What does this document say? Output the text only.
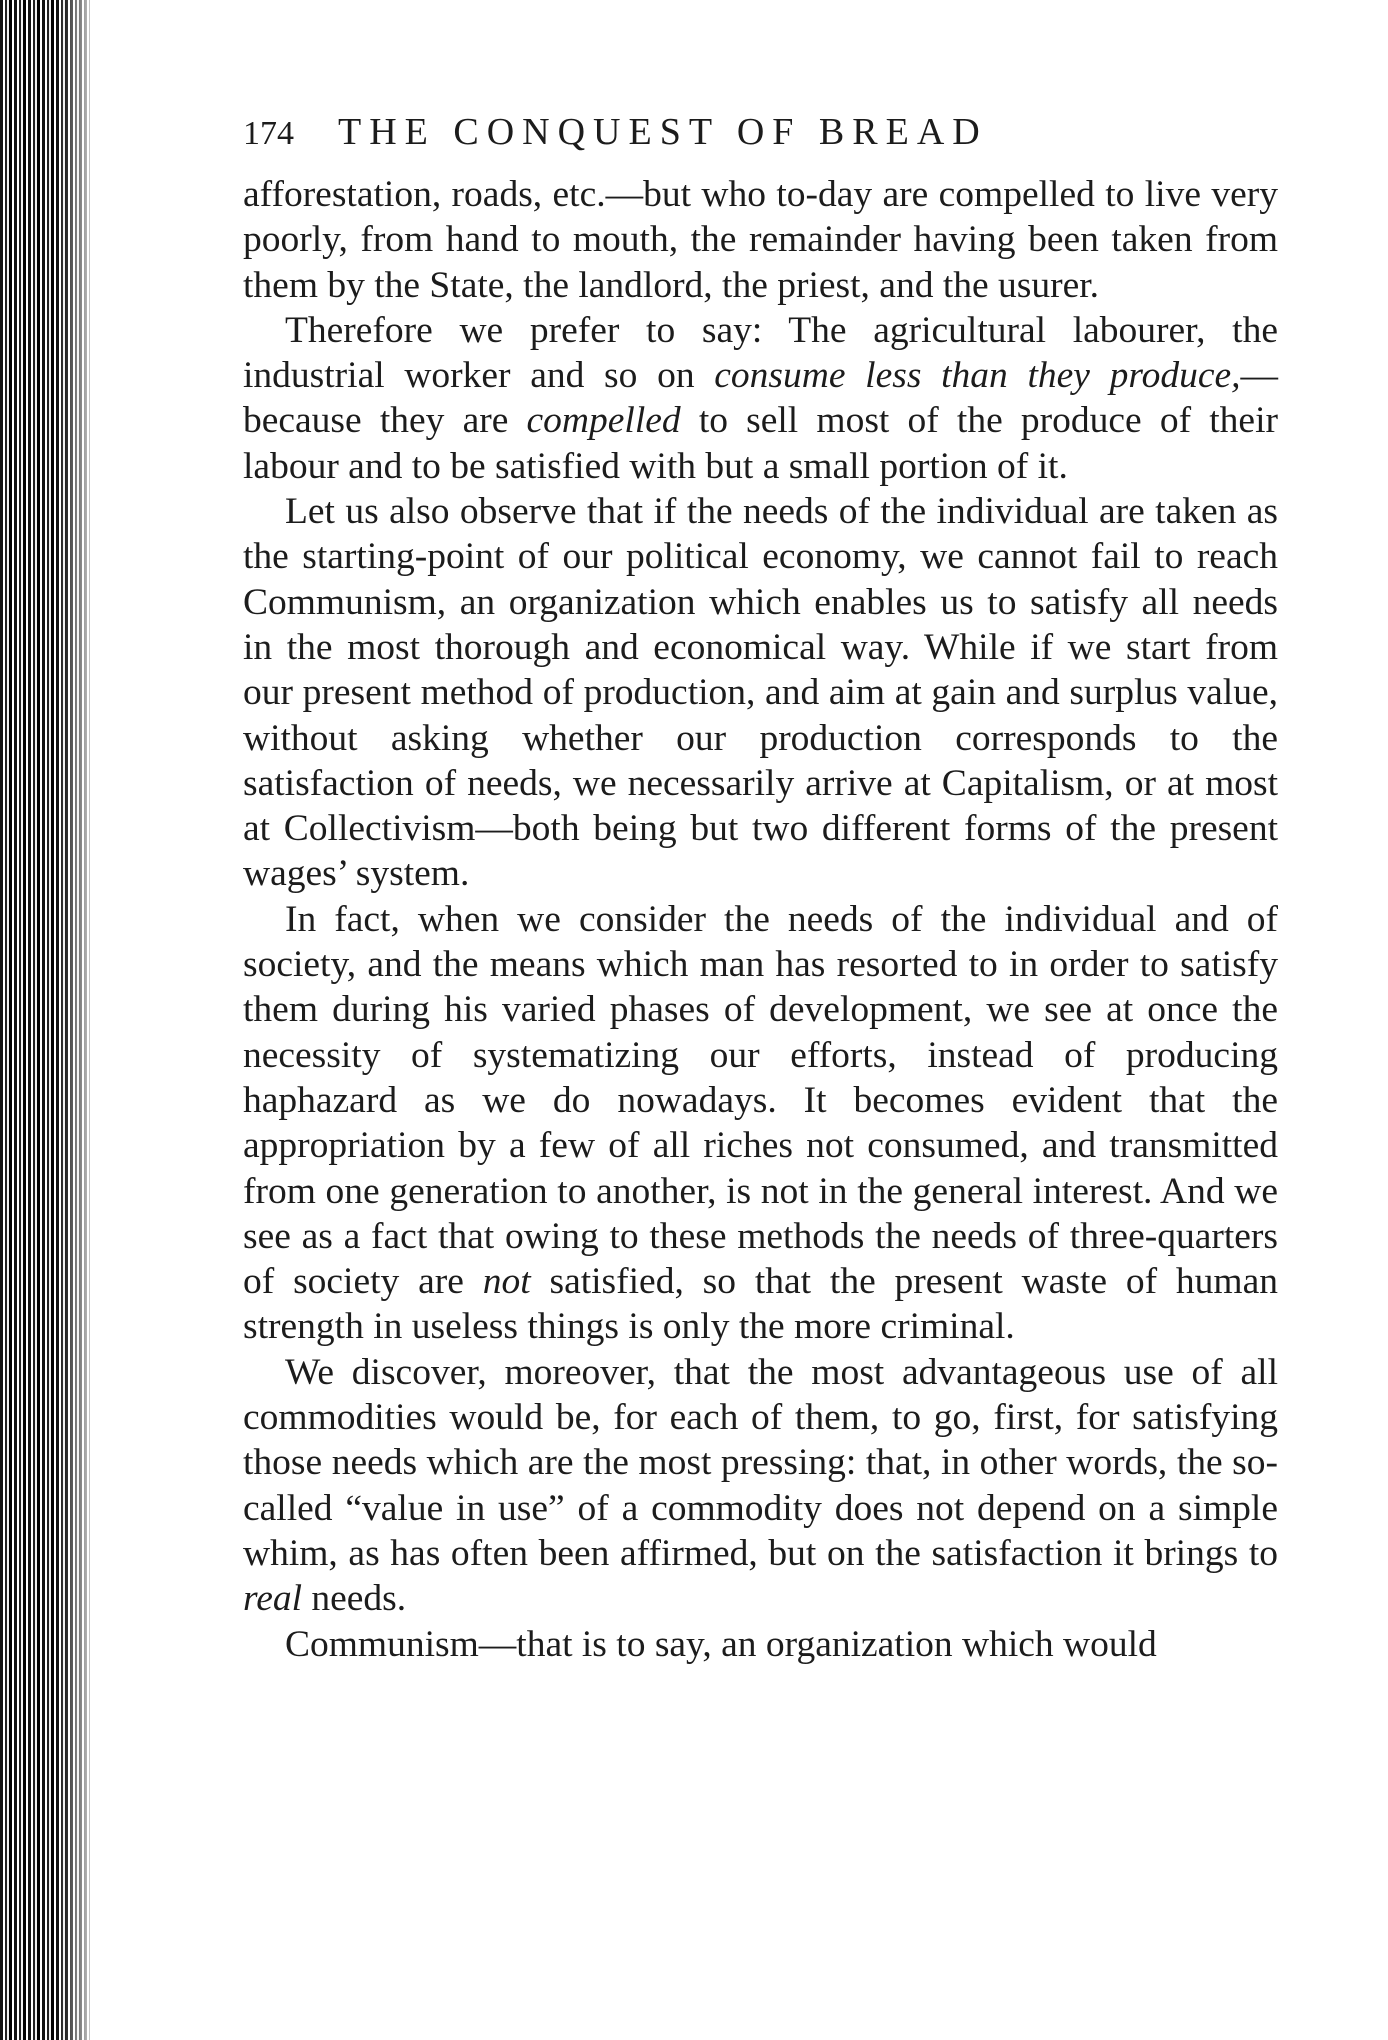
174	THE CONQUEST OF BREAD

afforestation, roads, etc.—but who to-day are compelled to live very poorly, from hand to mouth, the remainder having been taken from them by the State, the landlord, the priest, and the usurer.

Therefore we prefer to say: The agricultural labourer, the industrial worker and so on consume less than they produce,—because they are compelled to sell most of the produce of their labour and to be satisfied with but a small portion of it.

Let us also observe that if the needs of the individual are taken as the starting-point of our political economy, we cannot fail to reach Communism, an organization which enables us to satisfy all needs in the most thorough and economical way. While if we start from our present method of production, and aim at gain and surplus value, without asking whether our production corresponds to the satisfaction of needs, we necessarily arrive at Capitalism, or at most at Collectivism—both being but two different forms of the present wages’ system.

In fact, when we consider the needs of the individual and of society, and the means which man has resorted to in order to satisfy them during his varied phases of development, we see at once the necessity of systematizing our efforts, instead of producing haphazard as we do nowadays. It becomes evident that the appropriation by a few of all riches not consumed, and transmitted from one generation to another, is not in the general interest. And we see as a fact that owing to these methods the needs of three-quarters of society are not satisfied, so that the present waste of human strength in useless things is only the more criminal.

We discover, moreover, that the most advantageous use of all commodities would be, for each of them, to go, first, for satisfying those needs which are the most pressing: that, in other words, the so-called “value in use” of a commodity does not depend on a simple whim, as has often been affirmed, but on the satisfaction it brings to real needs.

Communism—that is to say, an organization which would
